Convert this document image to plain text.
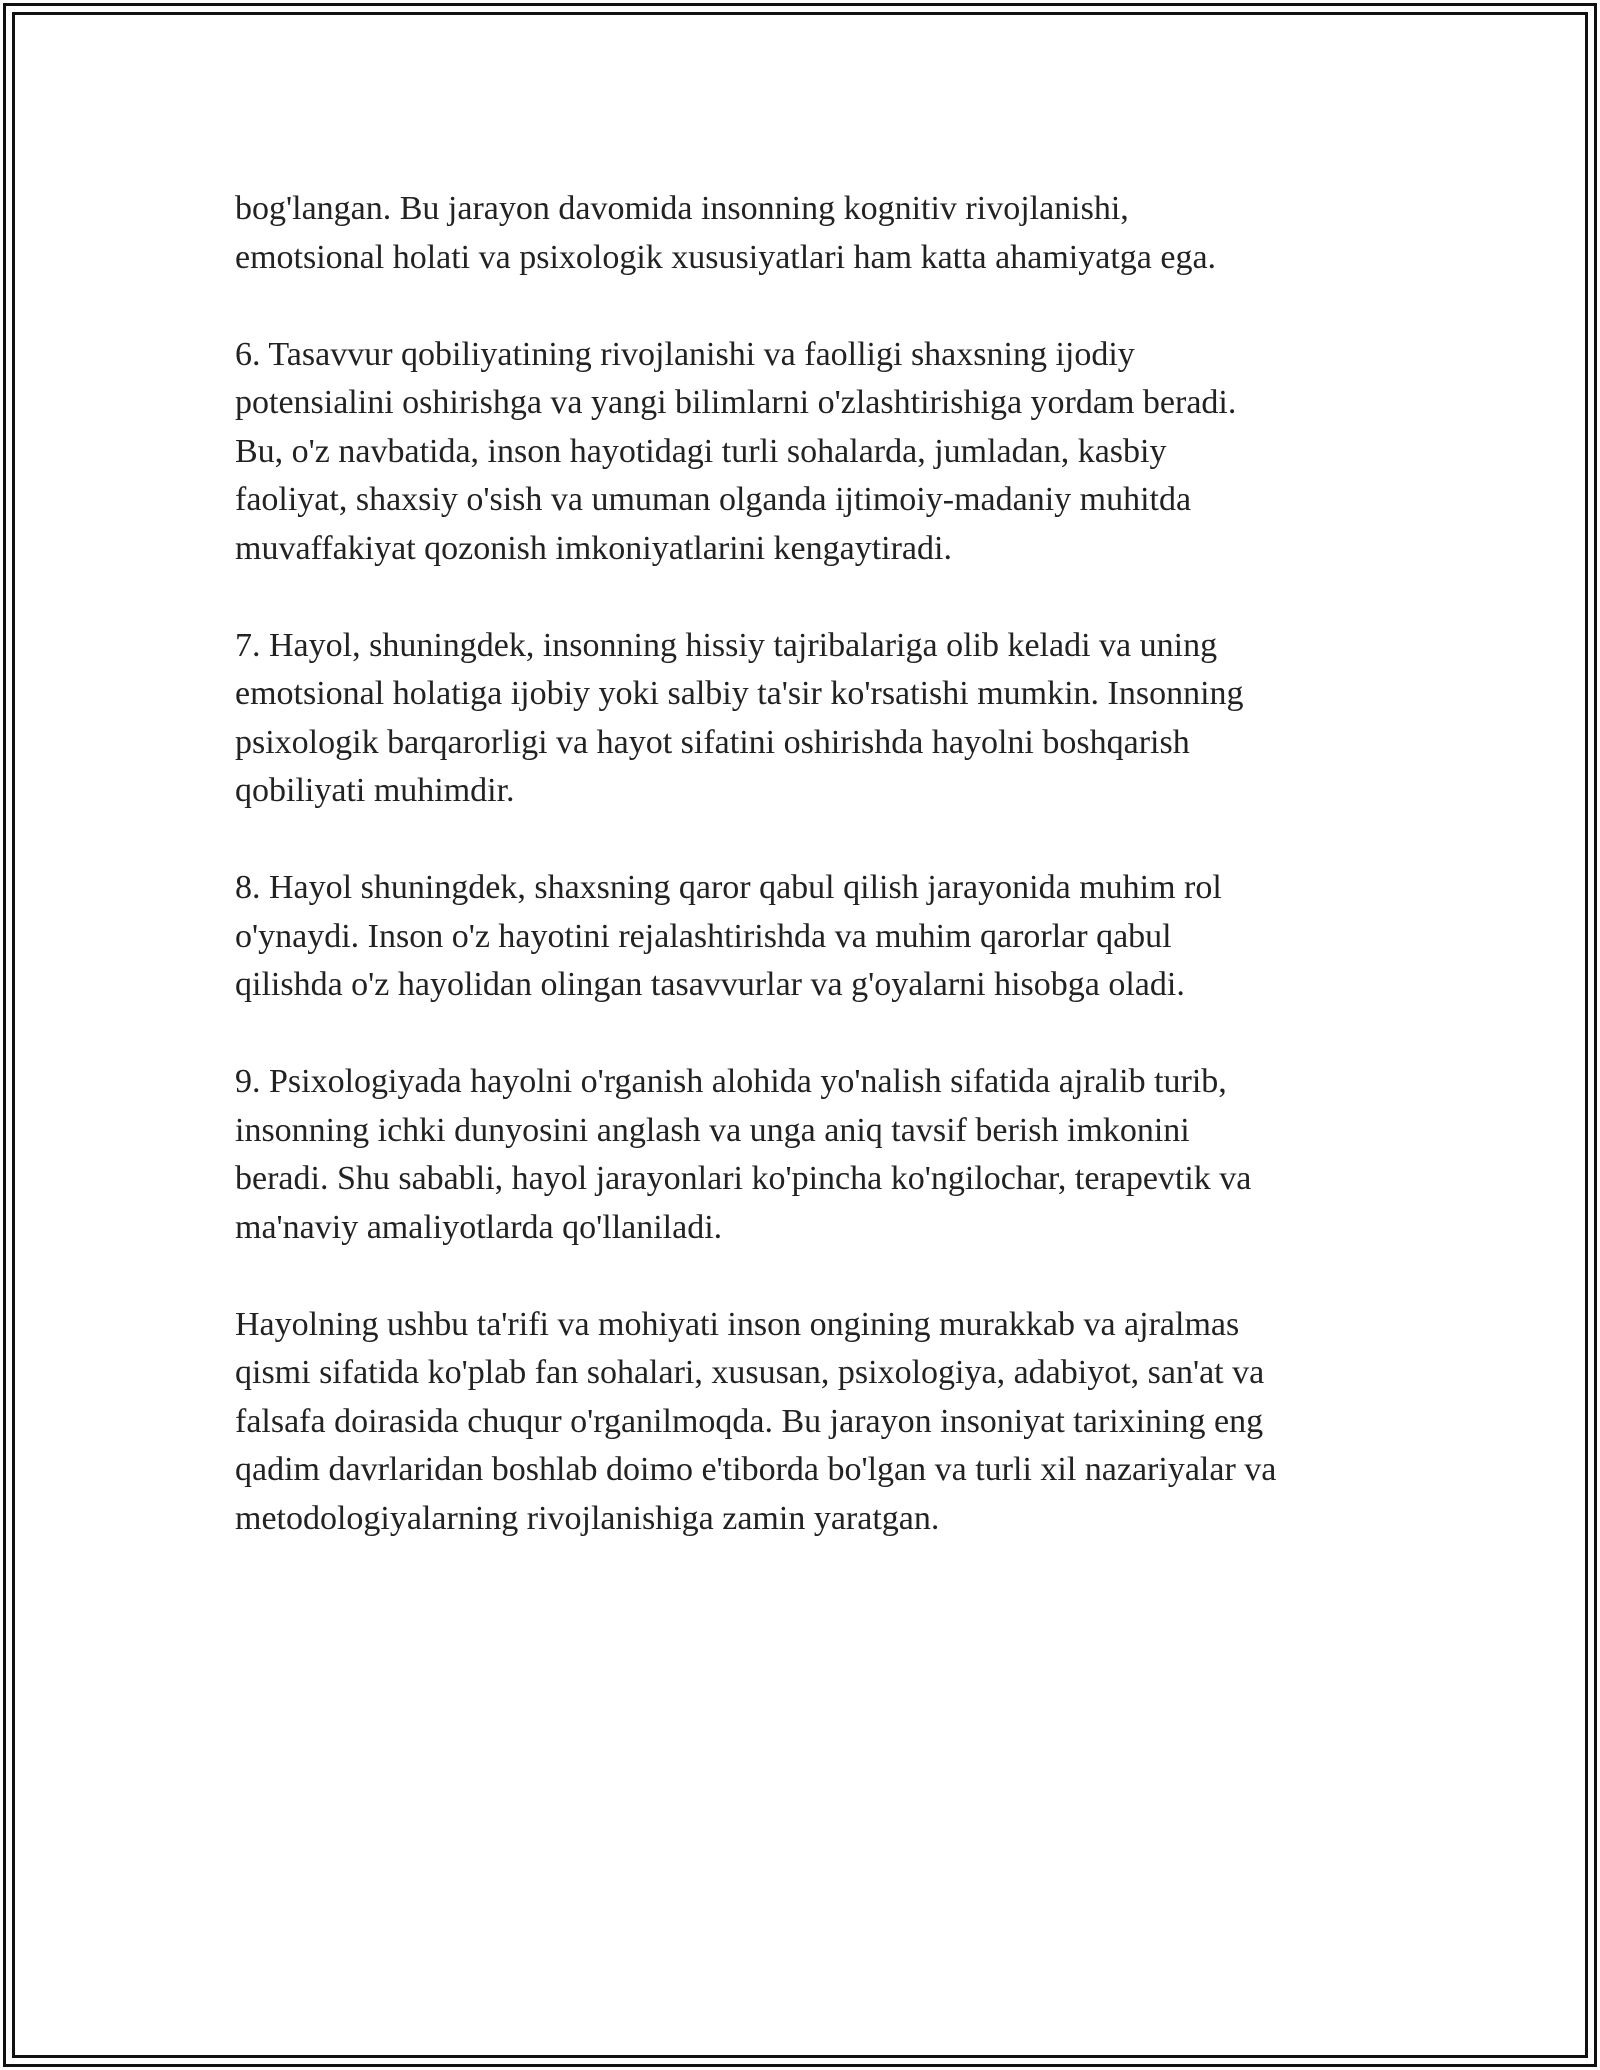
bog'langan. Bu jarayon davomida insonning kognitiv rivojlanishi,
emotsional holati va psixologik xususiyatlari ham katta ahamiyatga ega.

6. Tasavvur qobiliyatining rivojlanishi va faolligi shaxsning ijodiy
potensialini oshirishga va yangi bilimlarni o'zlashtirishiga yordam beradi.
Bu, o'z navbatida, inson hayotidagi turli sohalarda, jumladan, kasbiy
faoliyat, shaxsiy o'sish va umuman olganda ijtimoiy-madaniy muhitda
muvaffakiyat qozonish imkoniyatlarini kengaytiradi.

7. Hayol, shuningdek, insonning hissiy tajribalariga olib keladi va uning
emotsional holatiga ijobiy yoki salbiy ta'sir ko'rsatishi mumkin. Insonning
psixologik barqarorligi va hayot sifatini oshirishda hayolni boshqarish
qobiliyati muhimdir.

8. Hayol shuningdek, shaxsning qaror qabul qilish jarayonida muhim rol
o'ynaydi. Inson o'z hayotini rejalashtirishda va muhim qarorlar qabul
qilishda o'z hayolidan olingan tasavvurlar va g'oyalarni hisobga oladi.

9. Psixologiyada hayolni o'rganish alohida yo'nalish sifatida ajralib turib,
insonning ichki dunyosini anglash va unga aniq tavsif berish imkonini
beradi. Shu sababli, hayol jarayonlari ko'pincha ko'ngilochar, terapevtik va
ma'naviy amaliyotlarda qo'llaniladi.

Hayolning ushbu ta'rifi va mohiyati inson ongining murakkab va ajralmas
qismi sifatida ko'plab fan sohalari, xususan, psixologiya, adabiyot, san'at va
falsafa doirasida chuqur o'rganilmoqda. Bu jarayon insoniyat tarixining eng
qadim davrlaridan boshlab doimo e'tiborda bo'lgan va turli xil nazariyalar va
metodologiyalarning rivojlanishiga zamin yaratgan.
